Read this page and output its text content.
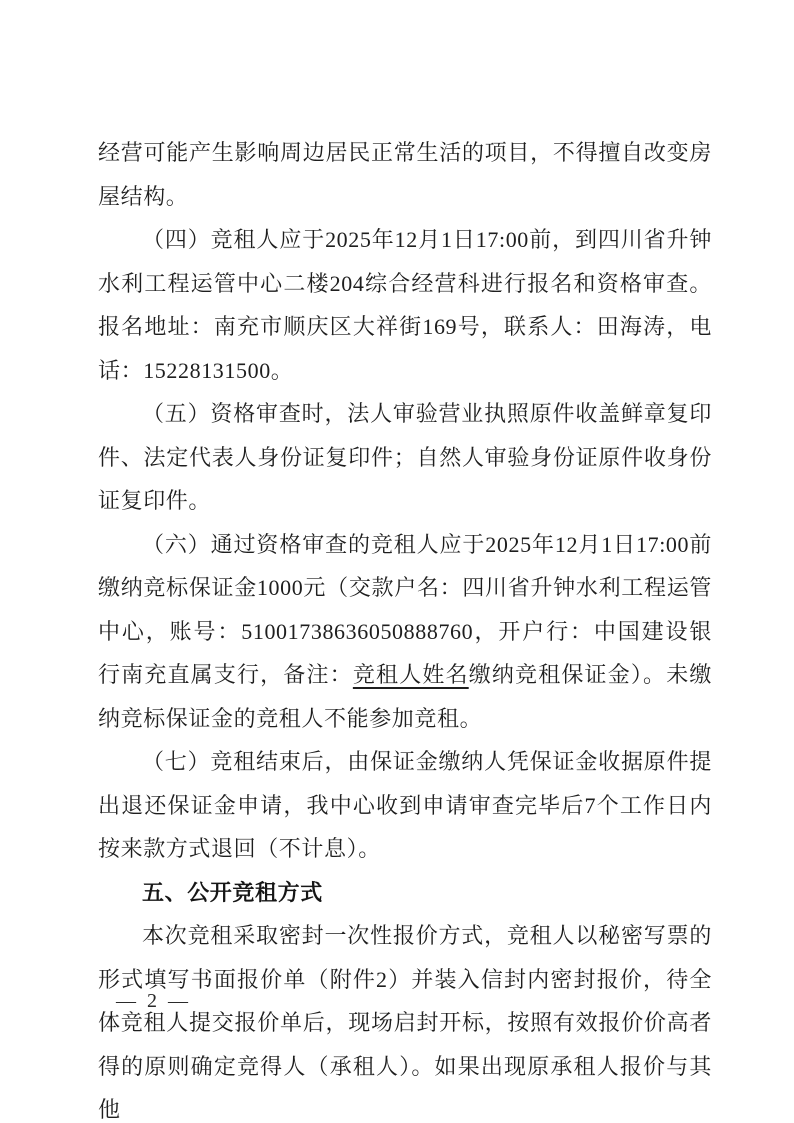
经营可能产生影响周边居民正常生活的项目，不得擅自改变房屋结构。

（四）竞租人应于2025年12月1日17:00前，到四川省升钟水利工程运管中心二楼204综合经营科进行报名和资格审查。报名地址：南充市顺庆区大祥街169号，联系人：田海涛，电话：15228131500。

（五）资格审查时，法人审验营业执照原件收盖鲜章复印件、法定代表人身份证复印件；自然人审验身份证原件收身份证复印件。

（六）通过资格审查的竞租人应于2025年12月1日17:00前缴纳竞标保证金1000元（交款户名：四川省升钟水利工程运管中心，账号：51001738636050888760，开户行：中国建设银行南充直属支行，备注：竞租人姓名缴纳竞租保证金）。未缴纳竞标保证金的竞租人不能参加竞租。

（七）竞租结束后，由保证金缴纳人凭保证金收据原件提出退还保证金申请，我中心收到申请审查完毕后7个工作日内按来款方式退回（不计息）。

五、公开竞租方式

本次竞租采取密封一次性报价方式，竞租人以秘密写票的形式填写书面报价单（附件2）并装入信封内密封报价，待全体竞租人提交报价单后，现场启封开标，按照有效报价价高者得的原则确定竞得人（承租人）。如果出现原承租人报价与其他

— 2 —
